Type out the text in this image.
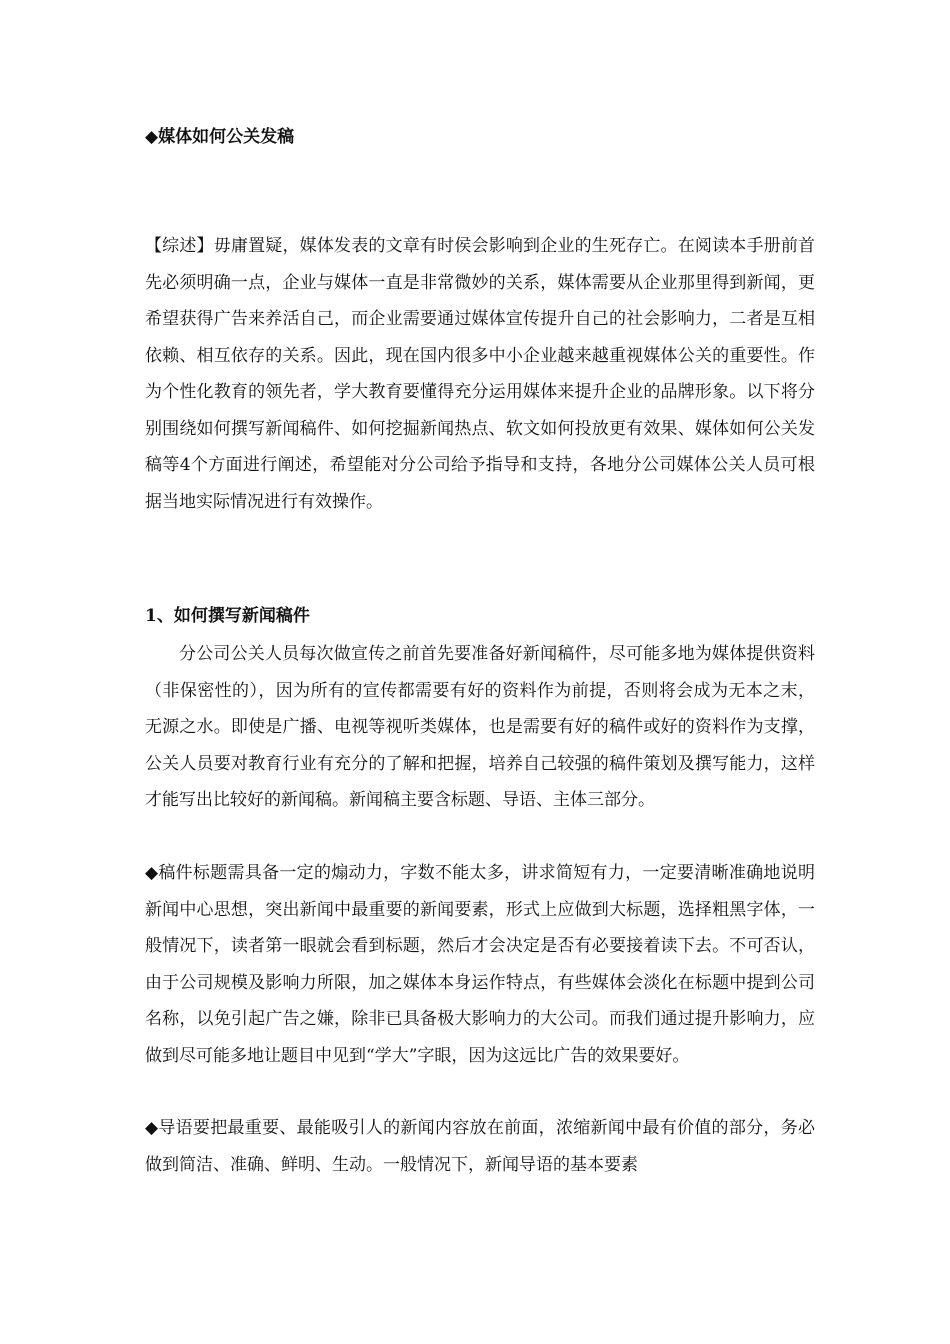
◆媒体如何公关发稿

【综述】毋庸置疑，媒体发表的文章有时侯会影响到企业的生死存亡。在阅读本手册前首先必须明确一点，企业与媒体一直是非常微妙的关系，媒体需要从企业那里得到新闻，更希望获得广告来养活自己，而企业需要通过媒体宣传提升自己的社会影响力，二者是互相依赖、相互依存的关系。因此，现在国内很多中小企业越来越重视媒体公关的重要性。作为个性化教育的领先者，学大教育要懂得充分运用媒体来提升企业的品牌形象。以下将分别围绕如何撰写新闻稿件、如何挖掘新闻热点、软文如何投放更有效果、媒体如何公关发稿等4个方面进行阐述，希望能对分公司给予指导和支持，各地分公司媒体公关人员可根据当地实际情况进行有效操作。

1、如何撰写新闻稿件

分公司公关人员每次做宣传之前首先要准备好新闻稿件，尽可能多地为媒体提供资料（非保密性的），因为所有的宣传都需要有好的资料作为前提，否则将会成为无本之末，无源之水。即使是广播、电视等视听类媒体，也是需要有好的稿件或好的资料作为支撑，公关人员要对教育行业有充分的了解和把握，培养自己较强的稿件策划及撰写能力，这样才能写出比较好的新闻稿。新闻稿主要含标题、导语、主体三部分。

◆稿件标题需具备一定的煽动力，字数不能太多，讲求简短有力，一定要清晰准确地说明新闻中心思想，突出新闻中最重要的新闻要素，形式上应做到大标题，选择粗黑字体，一般情况下，读者第一眼就会看到标题，然后才会决定是否有必要接着读下去。不可否认，由于公司规模及影响力所限，加之媒体本身运作特点，有些媒体会淡化在标题中提到公司名称，以免引起广告之嫌，除非已具备极大影响力的大公司。而我们通过提升影响力，应做到尽可能多地让题目中见到“学大”字眼，因为这远比广告的效果要好。

◆导语要把最重要、最能吸引人的新闻内容放在前面，浓缩新闻中最有价值的部分，务必做到简洁、准确、鲜明、生动。一般情况下，新闻导语的基本要素
